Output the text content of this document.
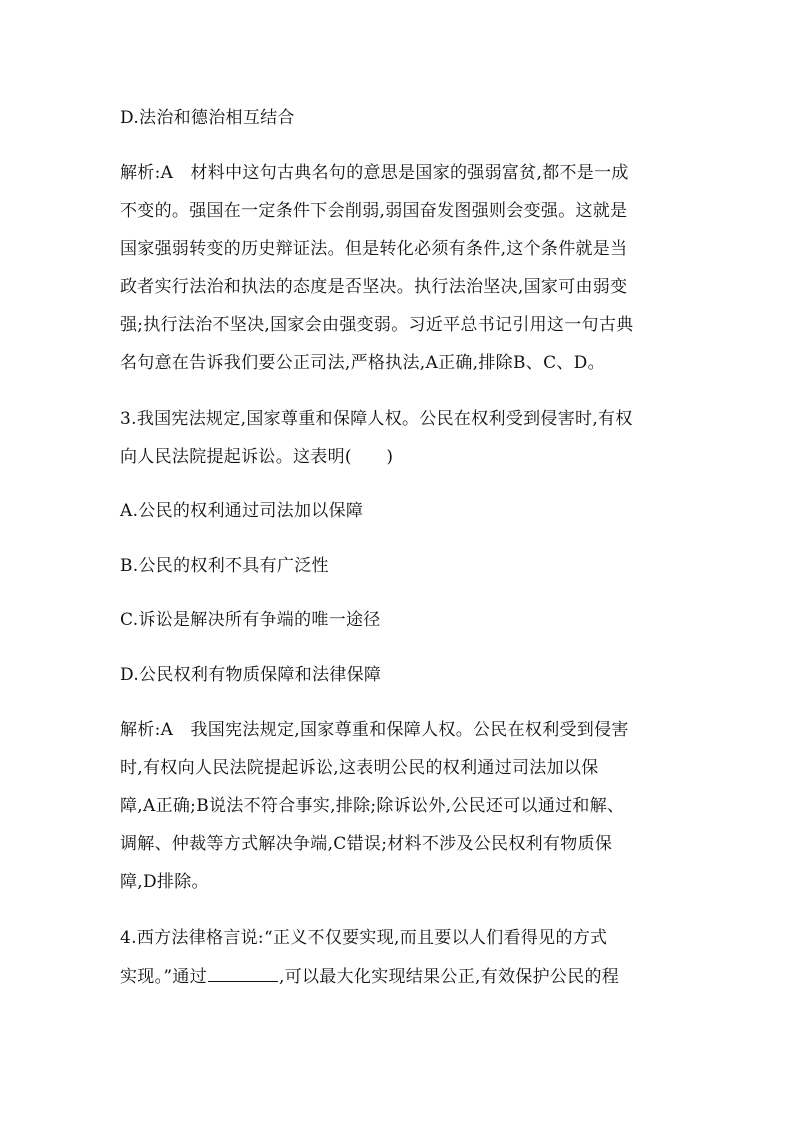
D.法治和德治相互结合
解析:A　材料中这句古典名句的意思是国家的强弱富贫,都不是一成
不变的。强国在一定条件下会削弱,弱国奋发图强则会变强。这就是
国家强弱转变的历史辩证法。但是转化必须有条件,这个条件就是当
政者实行法治和执法的态度是否坚决。执行法治坚决,国家可由弱变
强;执行法治不坚决,国家会由强变弱。习近平总书记引用这一句古典
名句意在告诉我们要公正司法,严格执法,A正确,排除B、C、D。
3.我国宪法规定,国家尊重和保障人权。公民在权利受到侵害时,有权
向人民法院提起诉讼。这表明(　　)
A.公民的权利通过司法加以保障
B.公民的权利不具有广泛性
C.诉讼是解决所有争端的唯一途径
D.公民权利有物质保障和法律保障
解析:A　我国宪法规定,国家尊重和保障人权。公民在权利受到侵害
时,有权向人民法院提起诉讼,这表明公民的权利通过司法加以保
障,A正确;B说法不符合事实,排除;除诉讼外,公民还可以通过和解、
调解、仲裁等方式解决争端,C错误;材料不涉及公民权利有物质保
障,D排除。
4.西方法律格言说:“正义不仅要实现,而且要以人们看得见的方式
实现。”通过	,可以最大化实现结果公正,有效保护公民的程
